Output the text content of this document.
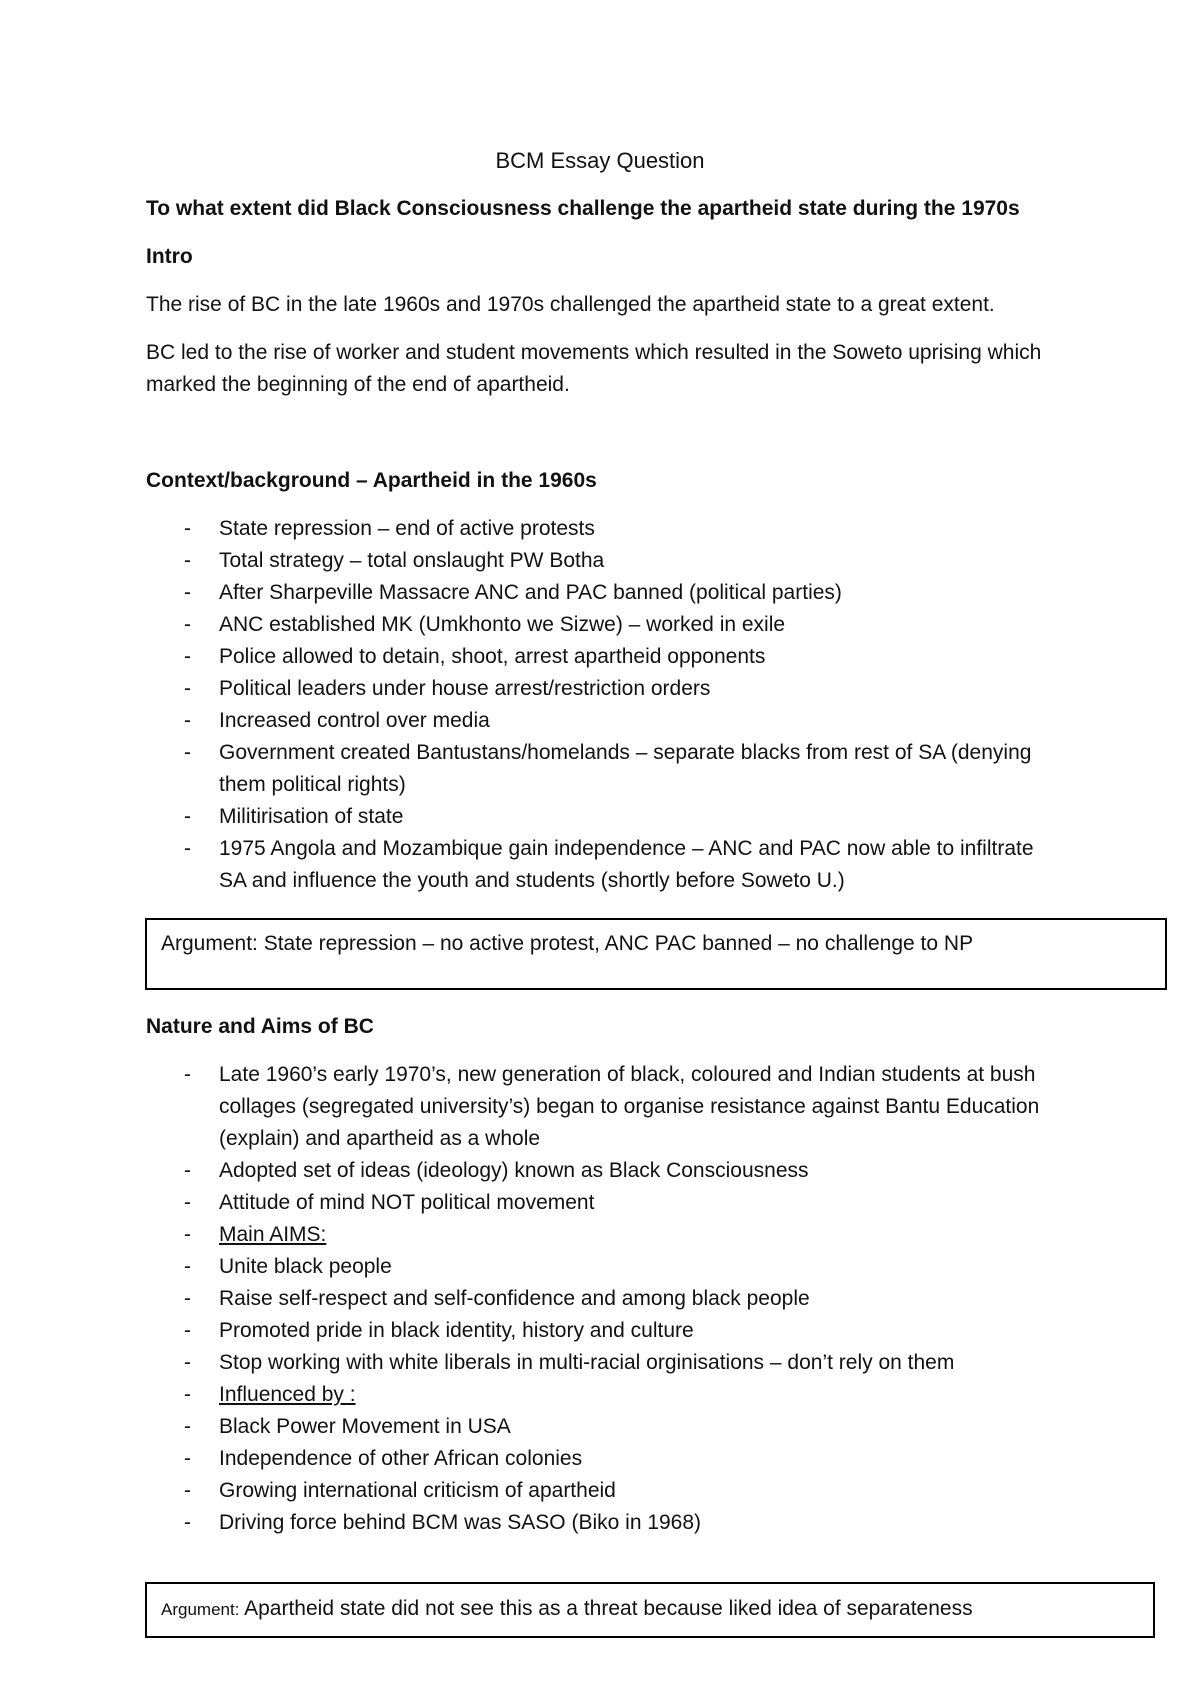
BCM Essay Question

To what extent did Black Consciousness challenge the apartheid state during the 1970s

Intro

The rise of BC in the late 1960s and 1970s challenged the apartheid state to a great extent.

BC led to the rise of worker and student movements which resulted in the Soweto uprising which marked the beginning of the end of apartheid.

Context/background – Apartheid in the 1960s

- State repression – end of active protests
- Total strategy – total onslaught PW Botha
- After Sharpeville Massacre ANC and PAC banned (political parties)
- ANC established MK (Umkhonto we Sizwe) – worked in exile
- Police allowed to detain, shoot, arrest apartheid opponents
- Political leaders under house arrest/restriction orders
- Increased control over media
- Government created Bantustans/homelands – separate blacks from rest of SA (denying them political rights)
- Militirisation of state
- 1975 Angola and Mozambique gain independence – ANC and PAC now able to infiltrate SA and influence the youth and students (shortly before Soweto U.)
Argument: State repression – no active protest, ANC PAC banned – no challenge to NP

Nature and Aims of BC

- Late 1960’s early 1970’s, new generation of black, coloured and Indian students at bush collages (segregated university’s) began to organise resistance against Bantu Education (explain) and apartheid as a whole
- Adopted set of ideas (ideology) known as Black Consciousness
- Attitude of mind NOT political movement
- Main AIMS:
- Unite black people
- Raise self-respect and self-confidence and among black people
- Promoted pride in black identity, history and culture
- Stop working with white liberals in multi-racial orginisations – don’t rely on them
- Influenced by :
- Black Power Movement in USA
- Independence of other African colonies
- Growing international criticism of apartheid
- Driving force behind BCM was SASO (Biko in 1968)
Argument: Apartheid state did not see this as a threat because liked idea of separateness
